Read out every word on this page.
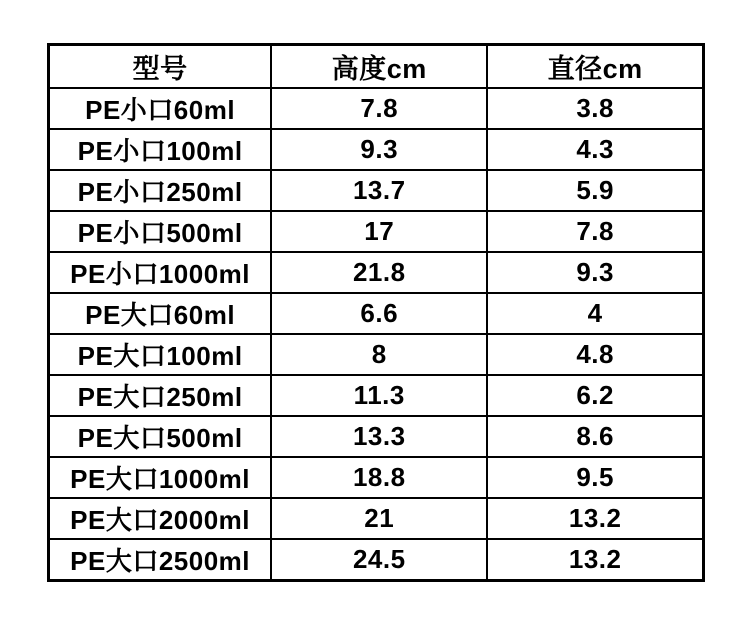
型号	高度cm	直径cm
PE小口60ml	7.8	3.8
PE小口100ml	9.3	4.3
PE小口250ml	13.7	5.9
PE小口500ml	17	7.8
PE小口1000ml	21.8	9.3
PE大口60ml	6.6	4
PE大口100ml	8	4.8
PE大口250ml	11.3	6.2
PE大口500ml	13.3	8.6
PE大口1000ml	18.8	9.5
PE大口2000ml	21	13.2
PE大口2500ml	24.5	13.2
